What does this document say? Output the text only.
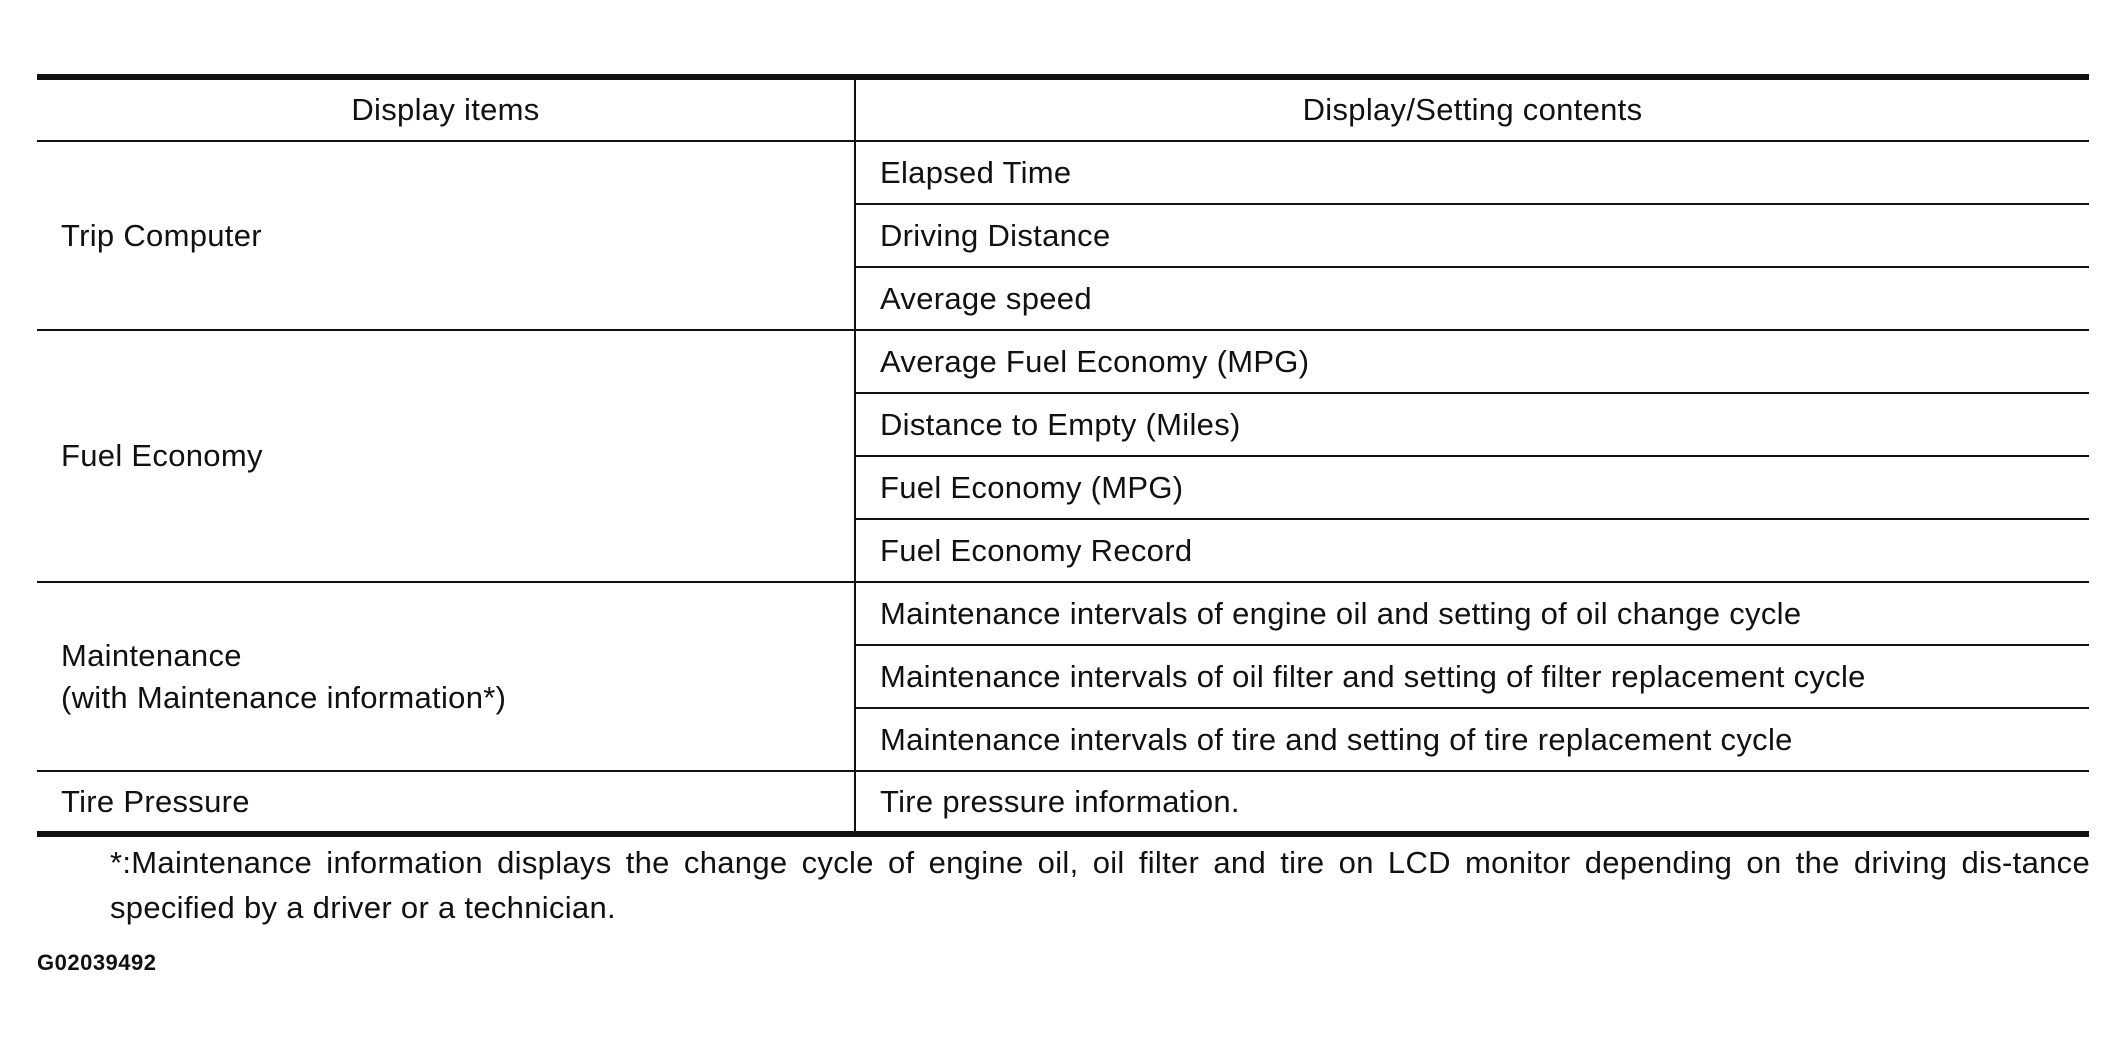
Display items	Display/Setting contents

Trip Computer	Elapsed Time
	Driving Distance
	Average speed

Fuel Economy	Average Fuel Economy (MPG)
	Distance to Empty (Miles)
	Fuel Economy (MPG)
	Fuel Economy Record

Maintenance
(with Maintenance information*)	Maintenance intervals of engine oil and setting of oil change cycle
	Maintenance intervals of oil filter and setting of filter replacement cycle
	Maintenance intervals of tire and setting of tire replacement cycle

Tire Pressure	Tire pressure information.
*:Maintenance information displays the change cycle of engine oil, oil filter and tire on LCD monitor depending on the driving dis-tance specified by a driver or a technician.
G02039492
